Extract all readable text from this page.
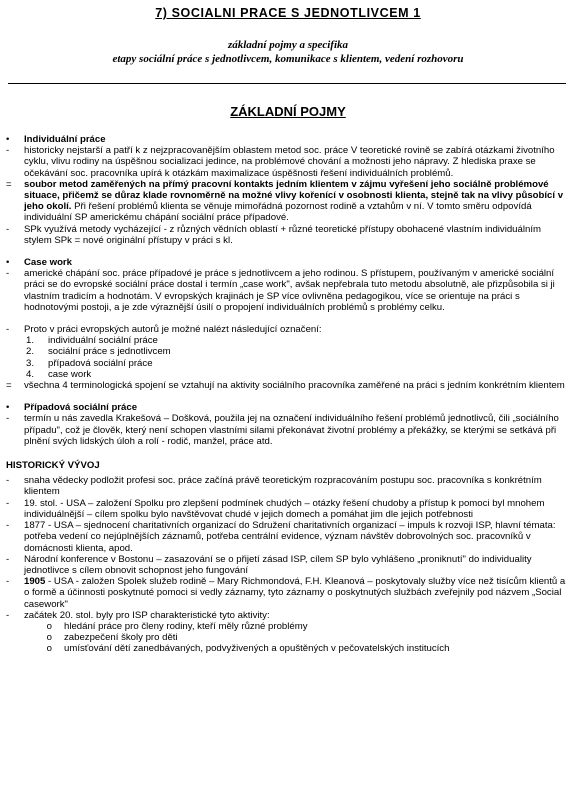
7) SOCIALNI PRACE S JEDNOTLIVCEM 1
základní pojmy a specifika
etapy sociální práce s jednotlivcem, komunikace s klientem, vedení rozhovoru
ZÁKLADNÍ POJMY
•	Individuální práce
-	historicky nejstarší a patří k z nejzpracovanějším oblastem metod soc. práce V teoretické rovině se zabírá otázkami životního cyklu, vlivu rodiny na úspěšnou socializaci jedince, na problémové chování a možnosti jeho nápravy. Z hlediska praxe se očekávání soc. pracovníka upírá k otázkám maximalizace úspěšnosti řešení individuálních problémů.
=	soubor metod zaměřených na přímý pracovní kontakts jedním klientem v zájmu vyřešení jeho sociálně problémové situace, přičemž se důraz klade rovnoměrně na možné vlivy kořenící v osobnosti klienta, stejně tak na vlivy působící v jeho okolí. Při řešení problémů klienta se věnuje mimořádná pozornost rodině a vztahům v ní. V tomto směru odpovídá individuální SP americkému chápání sociální práce případové.
-	SPk využívá metody vycházející - z různých vědních oblastí + různé teoretické přístupy obohacené vlastním individuálním stylem SPk = nové originální přístupy v práci s kl.
•	Case work
-	americké chápání soc. práce případové je práce s jednotlivcem a jeho rodinou. S přístupem, používaným v americké sociální práci se do evropské sociální práce dostal i termín „case work", avšak nepřebrala tuto metodu absolutně, ale přizpůsobila si ji vlastním tradicím a hodnotám. V evropských krajinách je SP více ovlivněna pedagogikou, více se orientuje na práci s hodnotovými postoji, a je zde výraznější úsilí o propojení individuálních problémů s problémy celku.
-	Proto v práci evropských autorů je možné nalézt následující označení:
1.	individuální sociální práce
2.	sociální práce s jednotlivcem
3.	případová sociální práce
4.	case work
=	všechna 4 terminologická spojení se vztahují na aktivity sociálního pracovníka zaměřené na práci s jedním konkrétním klientem
•	Případová sociální práce
-	termín u nás zavedla Krakešová – Došková, použila jej na označení individuálního řešení problémů jednotlivců, čili „sociálního případu", což je člověk, který není schopen vlastními silami překonávat životní problémy a překážky, se kterými se setkává při plnění svých lidských úloh a rolí - rodič, manžel, práce atd.
HISTORICKÝ VÝVOJ
-	snaha vědecky podložit profesi soc. práce začíná právě teoretickým rozpracováním postupu soc. pracovníka s konkrétním klientem
-	19. stol. - USA – založení Spolku pro zlepšení podmínek chudých – otázky řešení chudoby a přístup k pomoci byl mnohem individuálnější – cílem spolku bylo navštěvovat chudé v jejich domech a pomáhat jim dle jejich potřebnosti
-	1877 - USA – sjednocení charitativních organizací do Sdružení charitativních organizací – impuls k rozvoji ISP, hlavní témata: potřeba vedení co nejúplnějších záznamů, potřeba centrální evidence, význam návštěv dobrovolných soc. pracovníků v domácnosti klienta, apod.
-	Národní konference v Bostonu – zasazování se o přijetí zásad ISP, cílem SP bylo vyhlášeno „proniknutí" do individuality jednotlivce s cílem obnovit schopnost jeho fungování
-	1905 - USA - založen Spolek služeb rodině – Mary Richmondová, F.H. Kleanová – poskytovaly služby více než tisícům klientů a o formě a účinnosti poskytnuté pomoci si vedly záznamy, tyto záznamy o poskytnutých službách zveřejnily pod názvem „Social casework"
-	začátek 20. stol. byly pro ISP charakteristické tyto aktivity:
o	hledání práce pro členy rodiny, kteří měly různé problémy
o	zabezpečení školy pro děti
o	umísťování dětí zanedbávaných, podvyživených a opuštěných v pečovatelských institucích
